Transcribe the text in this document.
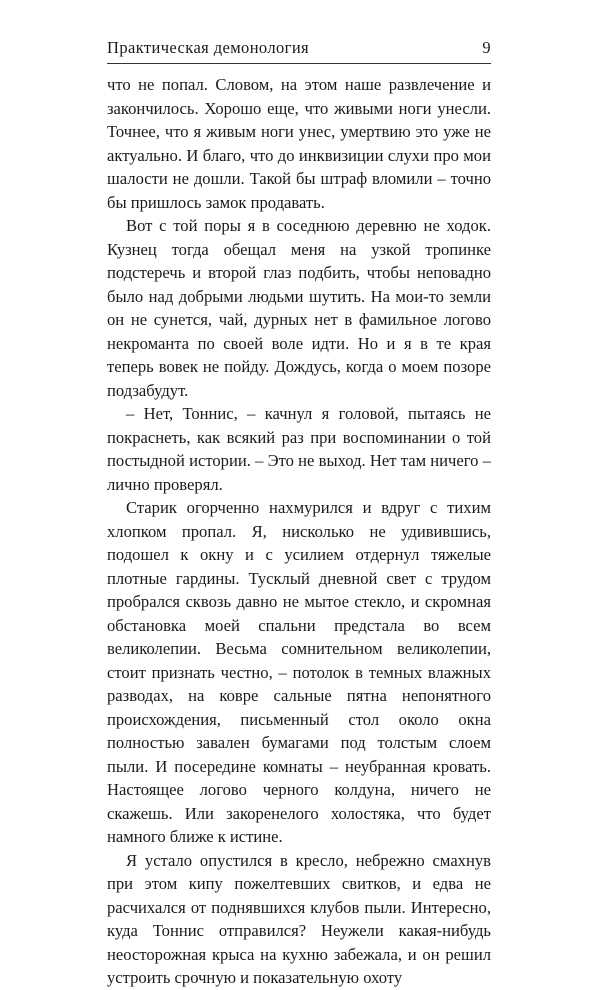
Практическая демонология	9

что не попал. Словом, на этом наше развлечение и закончилось. Хорошо еще, что живыми ноги унесли. Точнее, что я живым ноги унес, умертвию это уже не актуально. И благо, что до инквизиции слухи про мои шалости не дошли. Такой бы штраф вломили – точно бы пришлось замок продавать.

Вот с той поры я в соседнюю деревню не ходок. Кузнец тогда обещал меня на узкой тропинке подстеречь и второй глаз подбить, чтобы неповадно было над добрыми людьми шутить. На мои-то земли он не сунется, чай, дурных нет в фамильное логово некроманта по своей воле идти. Но и я в те края теперь вовек не пойду. Дождусь, когда о моем позоре подзабудут.

– Нет, Тоннис, – качнул я головой, пытаясь не покраснеть, как всякий раз при воспоминании о той постыдной истории. – Это не выход. Нет там ничего – лично проверял.

Старик огорченно нахмурился и вдруг с тихим хлопком пропал. Я, нисколько не удивившись, подошел к окну и с усилием отдернул тяжелые плотные гардины. Тусклый дневной свет с трудом пробрался сквозь давно не мытое стекло, и скромная обстановка моей спальни предстала во всем великолепии. Весьма сомнительном великолепии, стоит признать честно, – потолок в темных влажных разводах, на ковре сальные пятна непонятного происхождения, письменный стол около окна полностью завален бумагами под толстым слоем пыли. И посередине комнаты – неубранная кровать. Настоящее логово черного колдуна, ничего не скажешь. Или закоренелого холостяка, что будет намного ближе к истине.

Я устало опустился в кресло, небрежно смахнув при этом кипу пожелтевших свитков, и едва не расчихался от поднявшихся клубов пыли. Интересно, куда Тоннис отправился? Неужели какая-нибудь неосторожная крыса на кухню забежала, и он решил устроить срочную и показательную охоту
